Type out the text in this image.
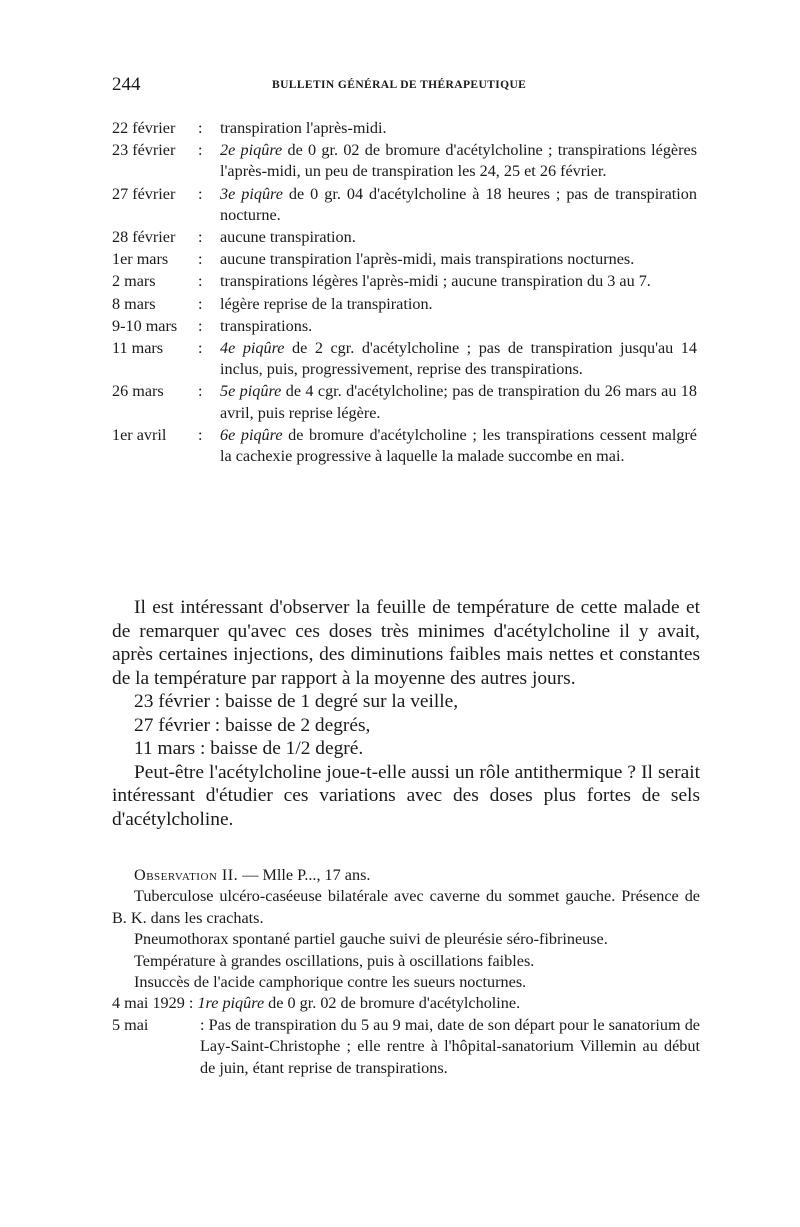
244	BULLETIN GÉNÉRAL DE THÉRAPEUTIQUE
22 février	:	transpiration l'après-midi.
23 février	:	2e piqûre de 0 gr. 02 de bromure d'acétylcholine ; transpirations légères l'après-midi, un peu de transpiration les 24, 25 et 26 février.
27 février	:	3e piqûre de 0 gr. 04 d'acétylcholine à 18 heures ; pas de transpiration nocturne.
28 février	:	aucune transpiration.
1er mars	:	aucune transpiration l'après-midi, mais transpirations nocturnes.
2 mars	:	transpirations légères l'après-midi ; aucune transpiration du 3 au 7.
8 mars	:	légère reprise de la transpiration.
9-10 mars	:	transpirations.
11 mars	:	4e piqûre de 2 cgr. d'acétylcholine ; pas de transpiration jusqu'au 14 inclus, puis, progressivement, reprise des transpirations.
26 mars	:	5e piqûre de 4 cgr. d'acétylcholine; pas de transpiration du 26 mars au 18 avril, puis reprise légère.
1er avril	:	6e piqûre de bromure d'acétylcholine ; les transpirations cessent malgré la cachexie progressive à laquelle la malade succombe en mai.

Il est intéressant d'observer la feuille de température de cette malade et de remarquer qu'avec ces doses très minimes d'acétylcholine il y avait, après certaines injections, des diminutions faibles mais nettes et constantes de la température par rapport à la moyenne des autres jours.

23 février : baisse de 1 degré sur la veille,

27 février : baisse de 2 degrés,

11 mars : baisse de 1/2 degré.

Peut-être l'acétylcholine joue-t-elle aussi un rôle antithermique ? Il serait intéressant d'étudier ces variations avec des doses plus fortes de sels d'acétylcholine.

Observation II. — Mlle P..., 17 ans.

Tuberculose ulcéro-caséeuse bilatérale avec caverne du sommet gauche. Présence de B. K. dans les crachats.

Pneumothorax spontané partiel gauche suivi de pleurésie séro-fibrineuse.

Température à grandes oscillations, puis à oscillations faibles.

Insuccès de l'acide camphorique contre les sueurs nocturnes.

4 mai 1929 : 1re piqûre de 0 gr. 02 de bromure d'acétylcholine.

5 mai	: Pas de transpiration du 5 au 9 mai, date de son départ pour le sanatorium de Lay-Saint-Christophe ; elle rentre à l'hôpital-sanatorium Villemin au début de juin, étant reprise de transpirations.
